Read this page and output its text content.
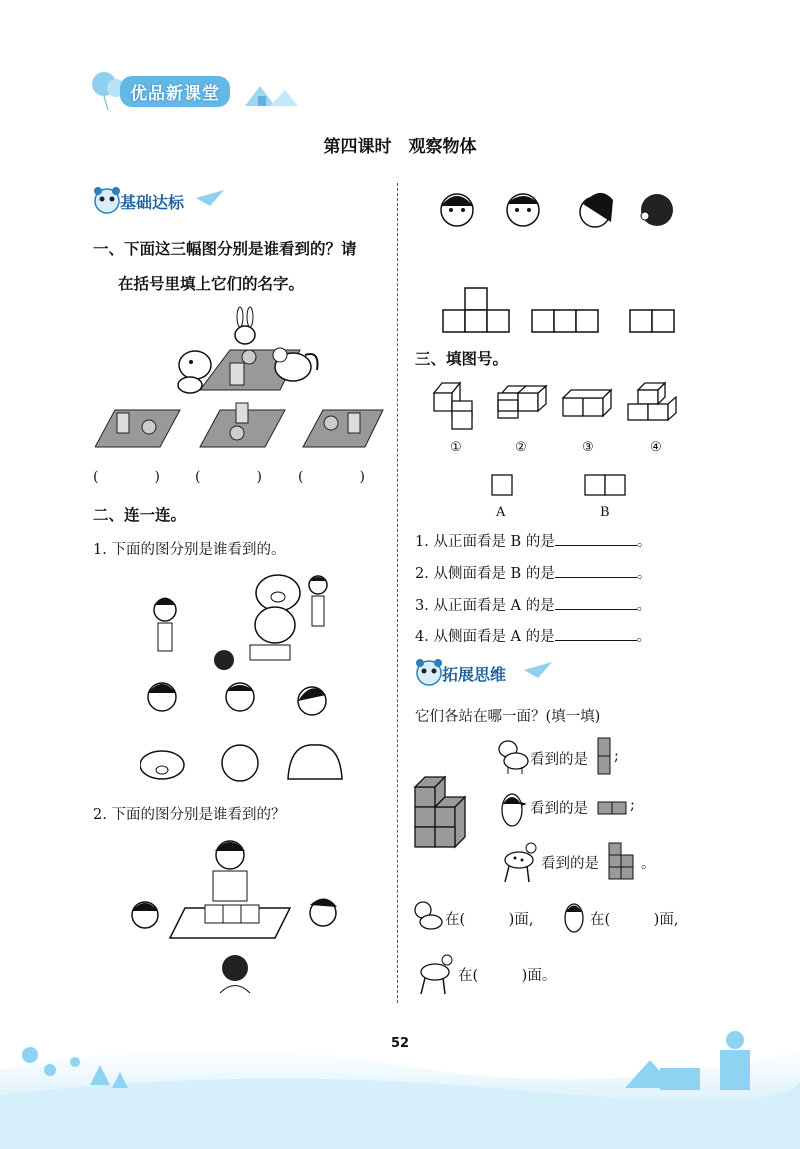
优品新课堂
第四课时　观察物体
基础达标
一、下面这三幅图分别是谁看到的？请
在括号里填上它们的名字。
(　　　　)	(　　　　)	(　　　　)
二、连一连。
1. 下面的图分别是谁看到的。
2. 下面的图分别是谁看到的？
三、填图号。
①	②	③	④
A	B
1. 从正面看是 B 的是	。
2. 从侧面看是 B 的是	。
3. 从正面看是 A 的是	。
4. 从侧面看是 A 的是	。
拓展思维
它们各站在哪一面？(填一填)
看到的是 ;
看到的是	;
看到的是	。
在(　　　)面,	在(　　　)面,
在(　　　)面。
52
